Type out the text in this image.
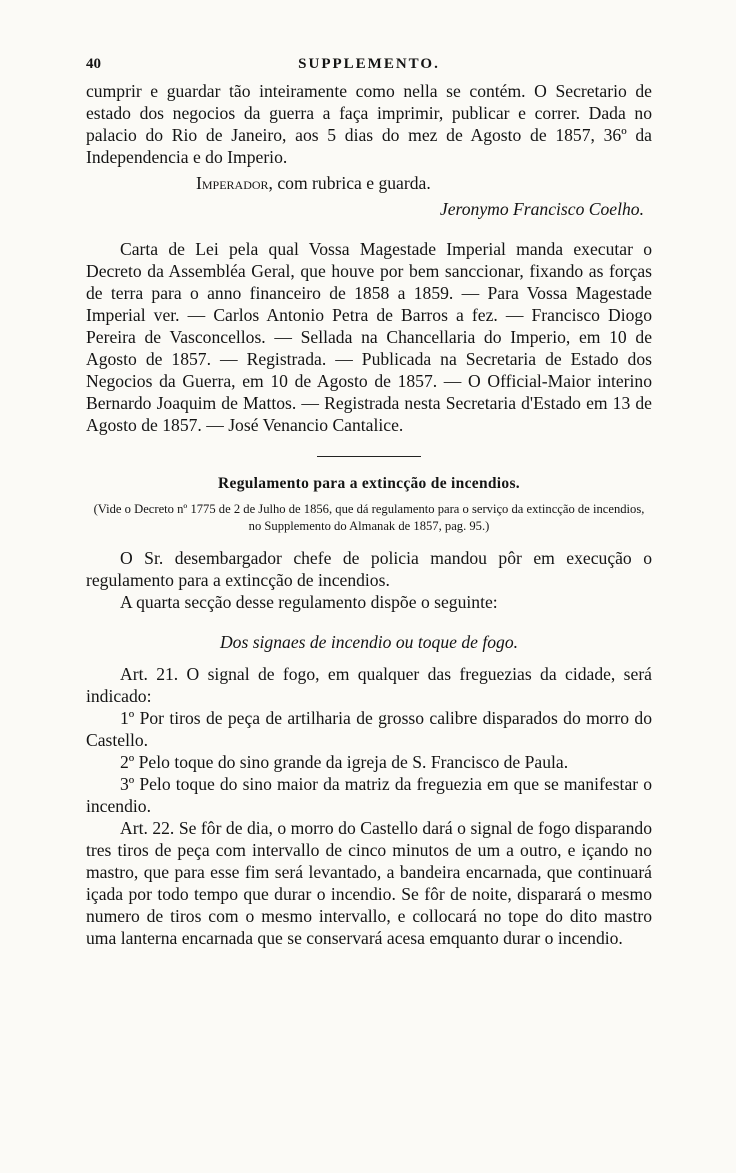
40	SUPPLEMENTO.

cumprir e guardar tão inteiramente como nella se contém. O Secretario de estado dos negocios da guerra a faça imprimir, publicar e correr. Dada no palacio do Rio de Janeiro, aos 5 dias do mez de Agosto de 1857, 36º da Independencia e do Imperio.

Imperador, com rubrica e guarda.

Jeronymo Francisco Coelho.

Carta de Lei pela qual Vossa Magestade Imperial manda executar o Decreto da Assembléa Geral, que houve por bem sanccionar, fixando as forças de terra para o anno financeiro de 1858 a 1859. — Para Vossa Magestade Imperial ver. — Carlos Antonio Petra de Barros a fez. — Francisco Diogo Pereira de Vasconcellos. — Sellada na Chancellaria do Imperio, em 10 de Agosto de 1857. — Registrada. — Publicada na Secretaria de Estado dos Negocios da Guerra, em 10 de Agosto de 1857. — O Official-Maior interino Bernardo Joaquim de Mattos. — Registrada nesta Secretaria d'Estado em 13 de Agosto de 1857. — José Venancio Cantalice.

Regulamento para a extincção de incendios.

(Vide o Decreto nº 1775 de 2 de Julho de 1856, que dá regulamento para o serviço da extincção de incendios, no Supplemento do Almanak de 1857, pag. 95.)

O Sr. desembargador chefe de policia mandou pôr em execução o regulamento para a extincção de incendios.

A quarta secção desse regulamento dispõe o seguinte:

Dos signaes de incendio ou toque de fogo.

Art. 21. O signal de fogo, em qualquer das freguezias da cidade, será indicado:

1º Por tiros de peça de artilharia de grosso calibre disparados do morro do Castello.

2º Pelo toque do sino grande da igreja de S. Francisco de Paula.

3º Pelo toque do sino maior da matriz da freguezia em que se manifestar o incendio.

Art. 22. Se fôr de dia, o morro do Castello dará o signal de fogo disparando tres tiros de peça com intervallo de cinco minutos de um a outro, e içando no mastro, que para esse fim será levantado, a bandeira encarnada, que continuará içada por todo tempo que durar o incendio. Se fôr de noite, disparará o mesmo numero de tiros com o mesmo intervallo, e collocará no tope do dito mastro uma lanterna encarnada que se conservará acesa emquanto durar o incendio.
